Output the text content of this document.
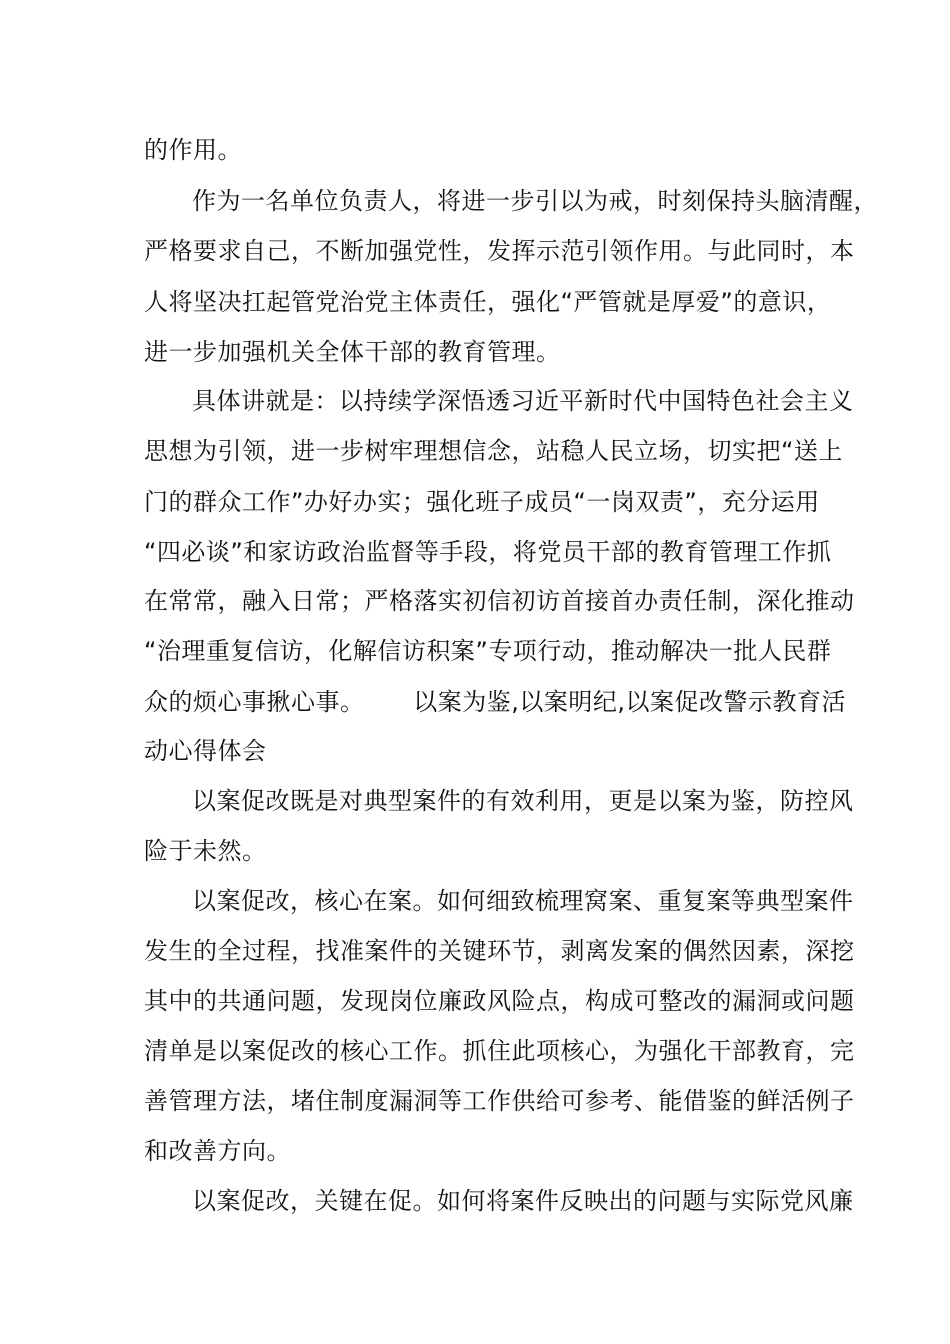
的作用。
作为一名单位负责人，将进一步引以为戒，时刻保持头脑清醒，
严格要求自己，不断加强党性，发挥示范引领作用。与此同时，本
人将坚决扛起管党治党主体责任，强化“严管就是厚爱”的意识，
进一步加强机关全体干部的教育管理。
具体讲就是：以持续学深悟透习近平新时代中国特色社会主义
思想为引领，进一步树牢理想信念，站稳人民立场，切实把“送上
门的群众工作”办好办实；强化班子成员“一岗双责”，充分运用
“四必谈”和家访政治监督等手段，将党员干部的教育管理工作抓
在常常，融入日常；严格落实初信初访首接首办责任制，深化推动
“治理重复信访，化解信访积案”专项行动，推动解决一批人民群
众的烦心事揪心事。      以案为鉴,以案明纪,以案促改警示教育活
动心得体会
以案促改既是对典型案件的有效利用，更是以案为鉴，防控风
险于未然。
以案促改，核心在案。如何细致梳理窝案、重复案等典型案件
发生的全过程，找准案件的关键环节，剥离发案的偶然因素，深挖
其中的共通问题，发现岗位廉政风险点，构成可整改的漏洞或问题
清单是以案促改的核心工作。抓住此项核心，为强化干部教育，完
善管理方法，堵住制度漏洞等工作供给可参考、能借鉴的鲜活例子
和改善方向。
以案促改，关键在促。如何将案件反映出的问题与实际党风廉
